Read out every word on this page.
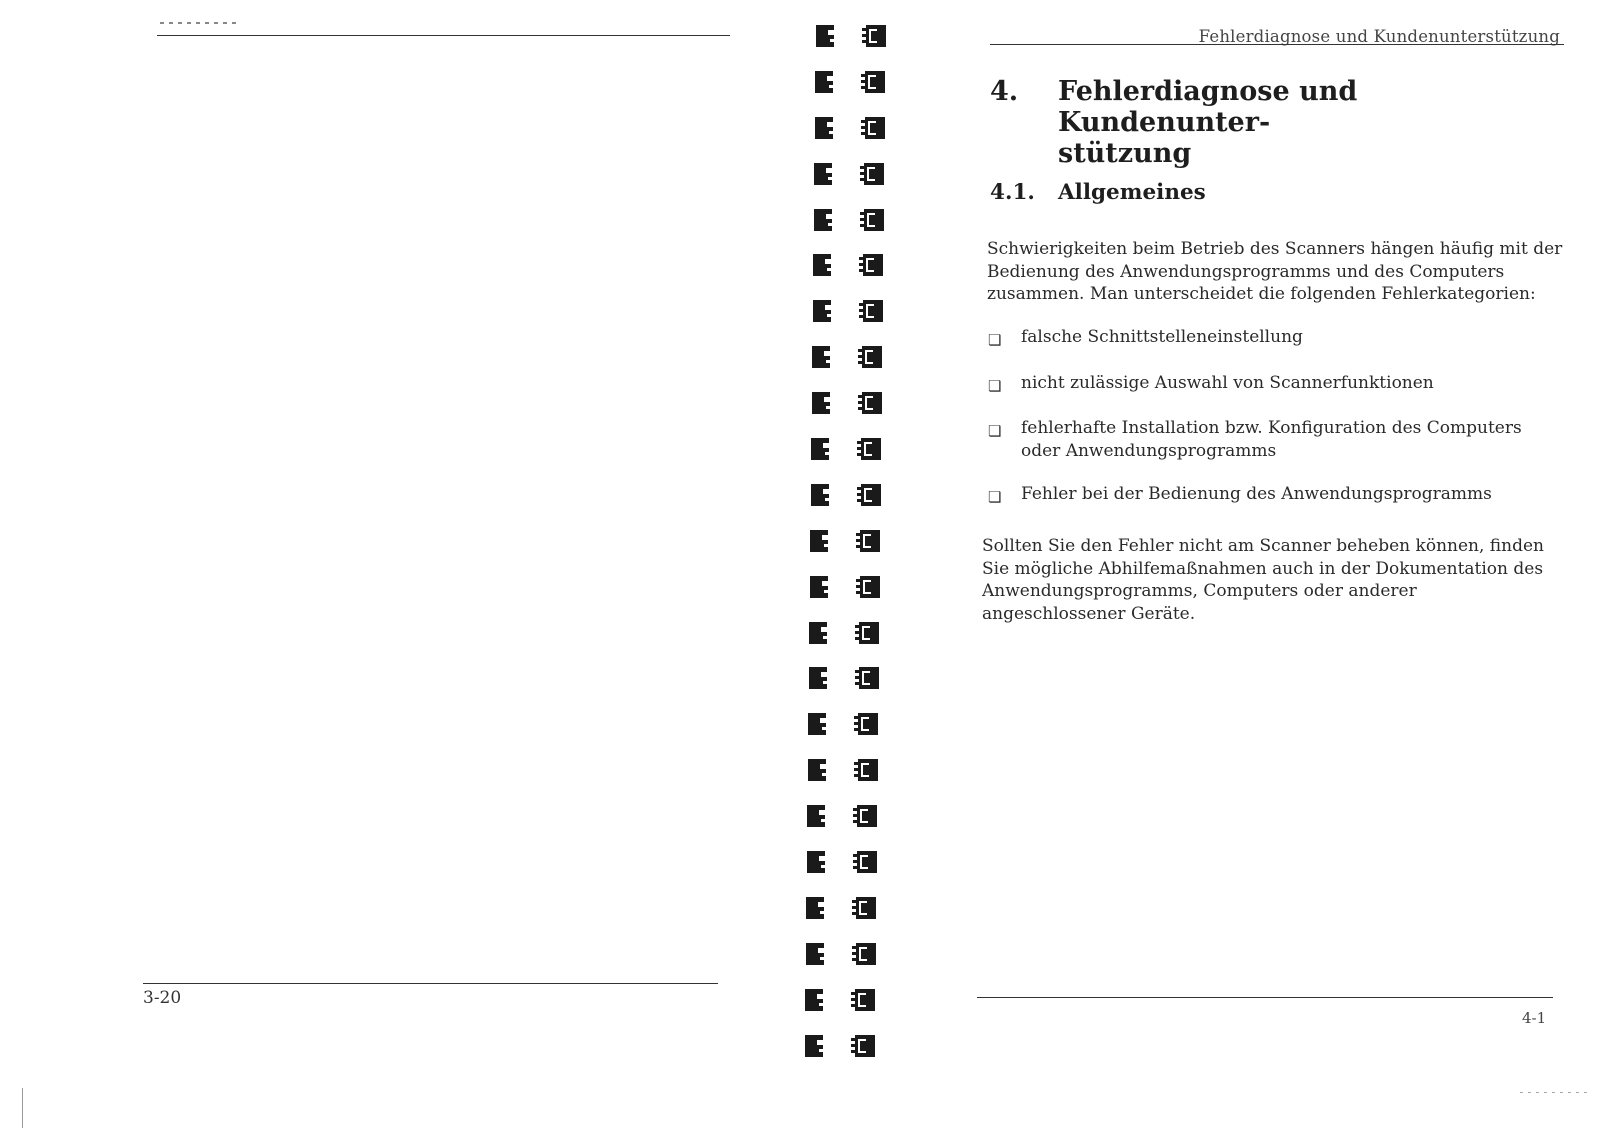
3-20
Fehlerdiagnose und Kundenunterstützung
4. Fehlerdiagnose und Kundenunter-
stützung
4.1. Allgemeines
Schwierigkeiten beim Betrieb des Scanners hängen häufig mit der Bedienung des Anwendungsprogramms und des Computers zusammen. Man unterscheidet die folgenden Fehlerkategorien:
❏ falsche Schnittstelleneinstellung
❏ nicht zulässige Auswahl von Scannerfunktionen
❏ fehlerhafte Installation bzw. Konfiguration des Computers oder Anwendungsprogramms
❏ Fehler bei der Bedienung des Anwendungsprogramms
Sollten Sie den Fehler nicht am Scanner beheben können, finden Sie mögliche Abhilfemaßnahmen auch in der Dokumentation des Anwendungsprogramms, Computers oder anderer angeschlossener Geräte.
4-1
